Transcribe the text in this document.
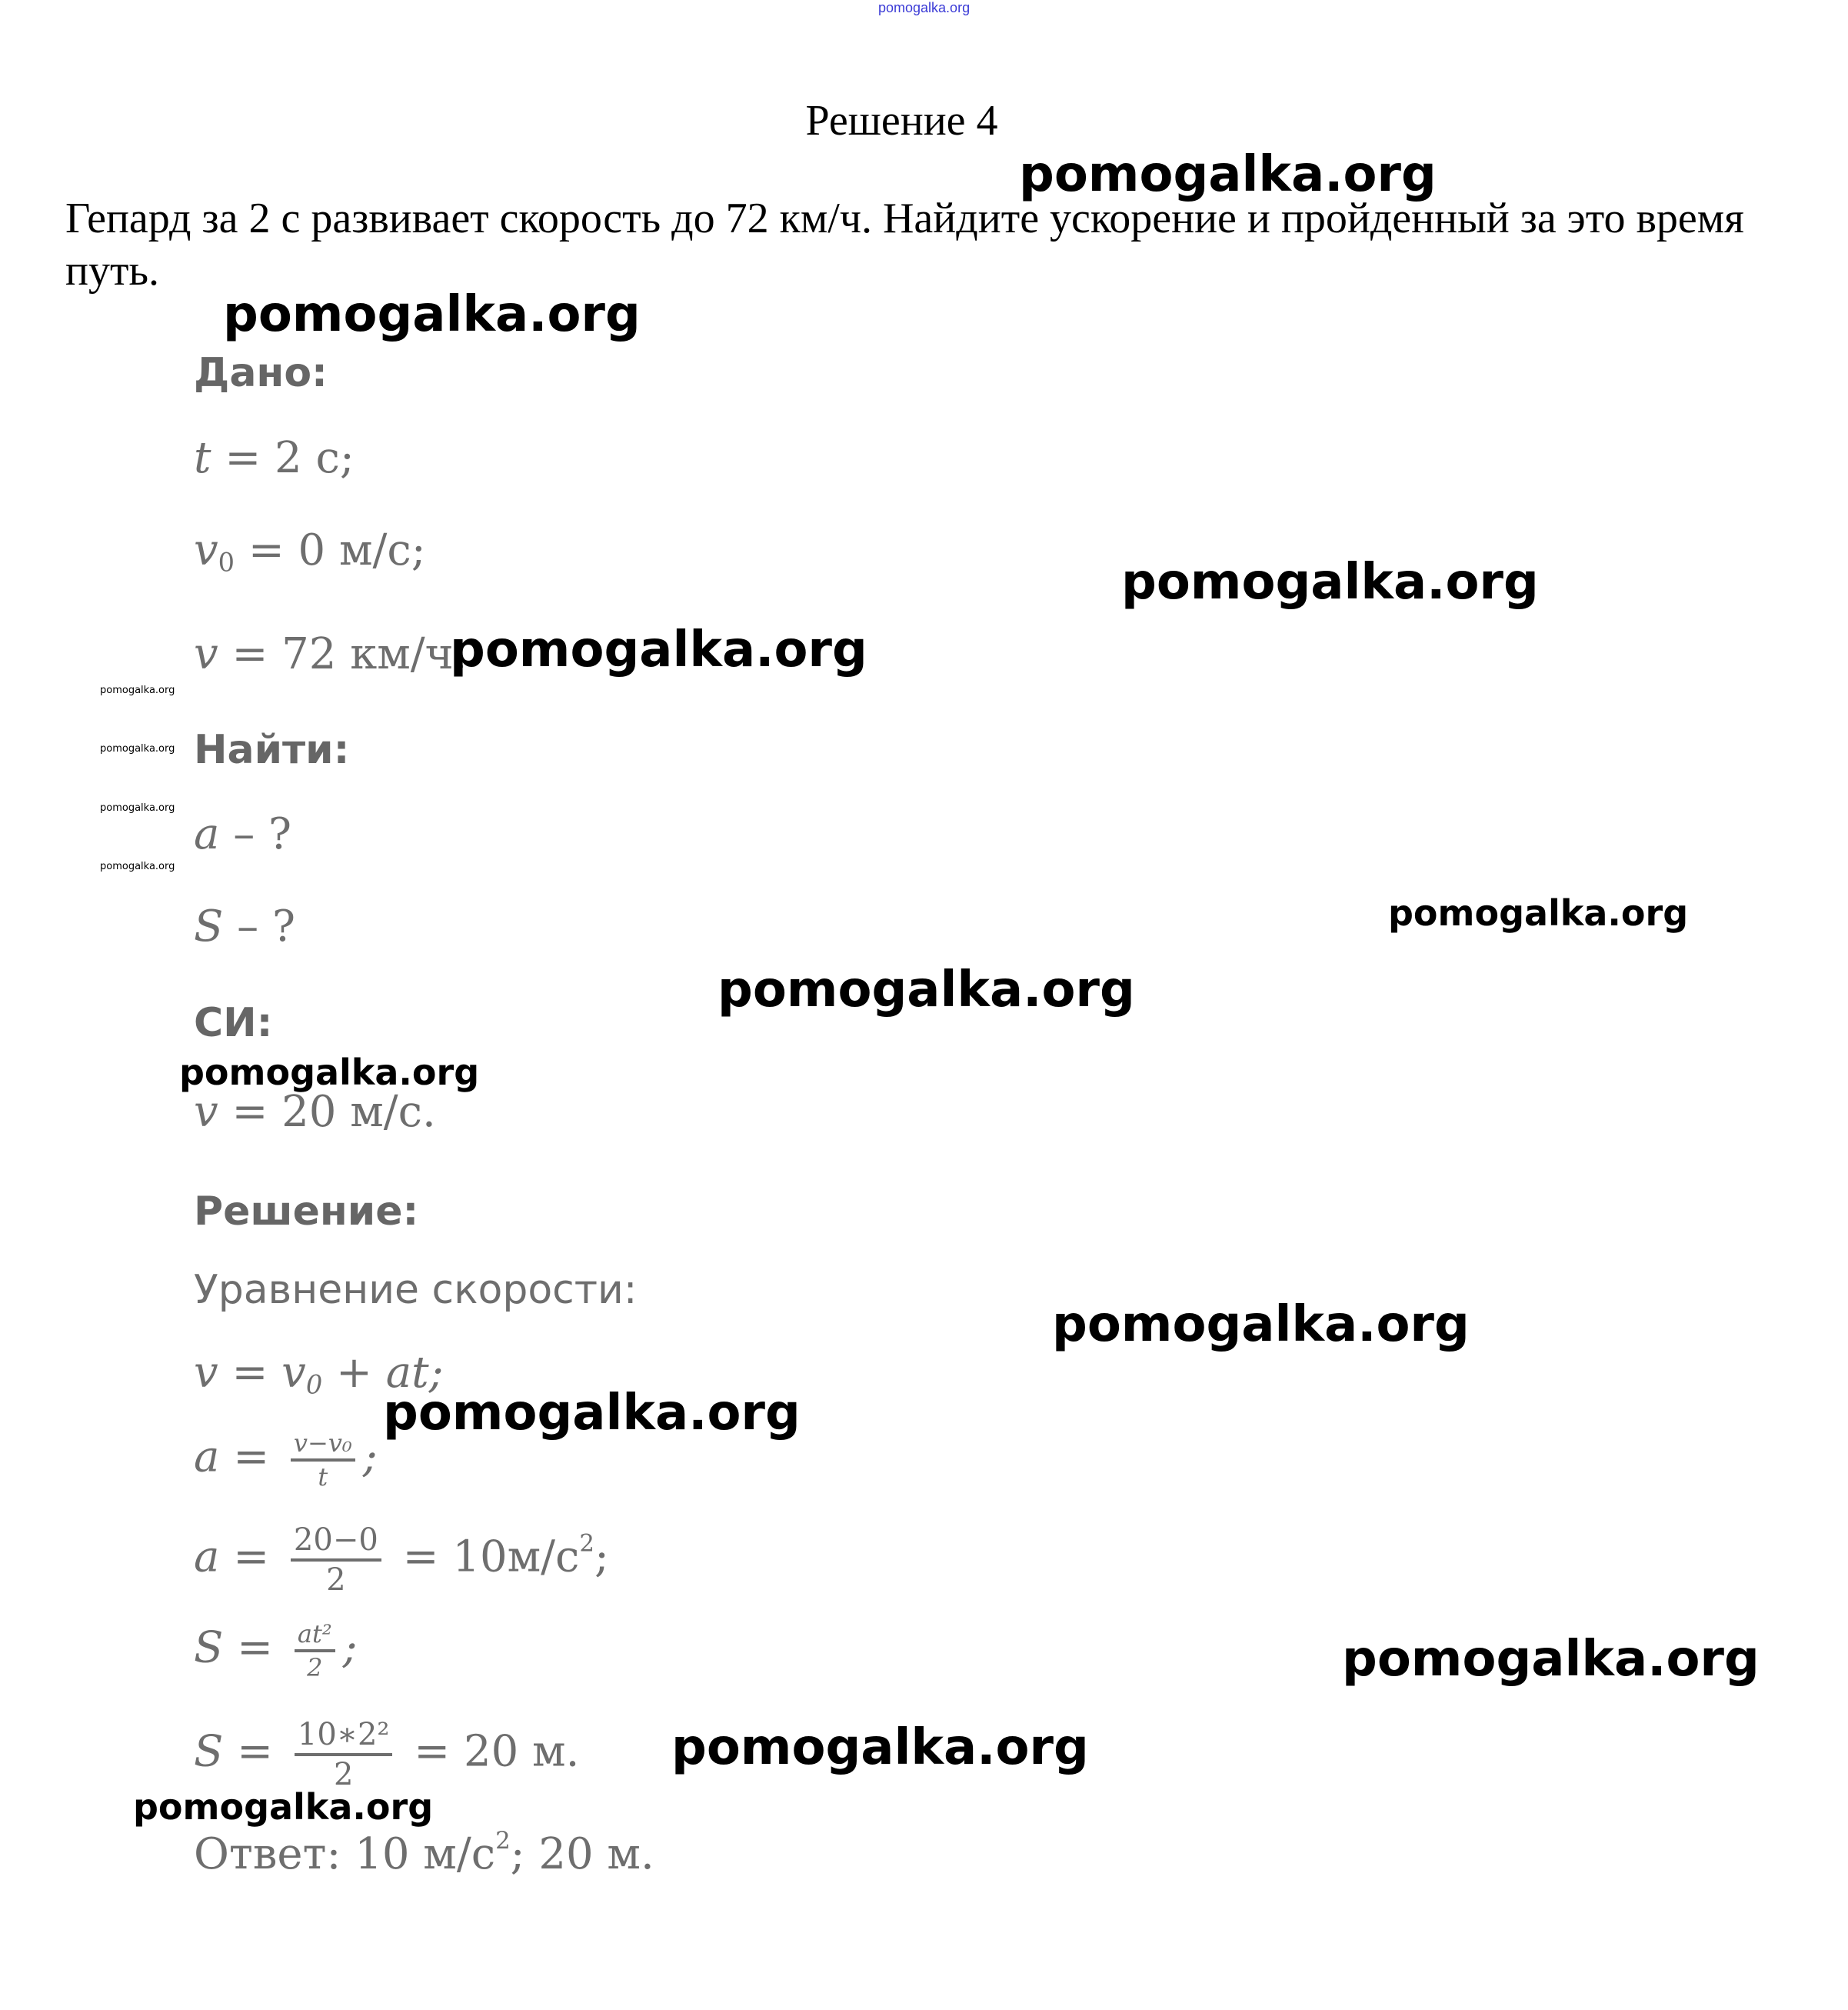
pomogalka.org
Решение 4
Гепард за 2 с развивает скорость до 72 км/ч. Найдите ускорение и пройденный за это время путь.
Дано:
t = 2 с;
$v_0 = 0$ м/с;
v = 72 км/ч.
Найти:
a – ?
S – ?
СИ:
v = 20 м/с.
Решение:
Уравнение скорости:
$v = v_0$ + at;
$a = \frac{\text{v−v₀}}{t}$ ;
$a = \frac{20-0}{2} = 10м/с^2$;
$S = \frac{\text{at²}}{2}$ ;
$S = \frac{\text{10∗2²}}{2} = 20$ м.
Ответ: 10 $м/с^2$; 20 м.
pomogalka.org
pomogalka.org
pomogalka.org
pomogalka.org
pomogalka.org
pomogalka.org
pomogalka.org
pomogalka.org
pomogalka.org
pomogalka.org
pomogalka.org
pomogalka.org
pomogalka.org
pomogalka.org
pomogalka.org
pomogalka.org
